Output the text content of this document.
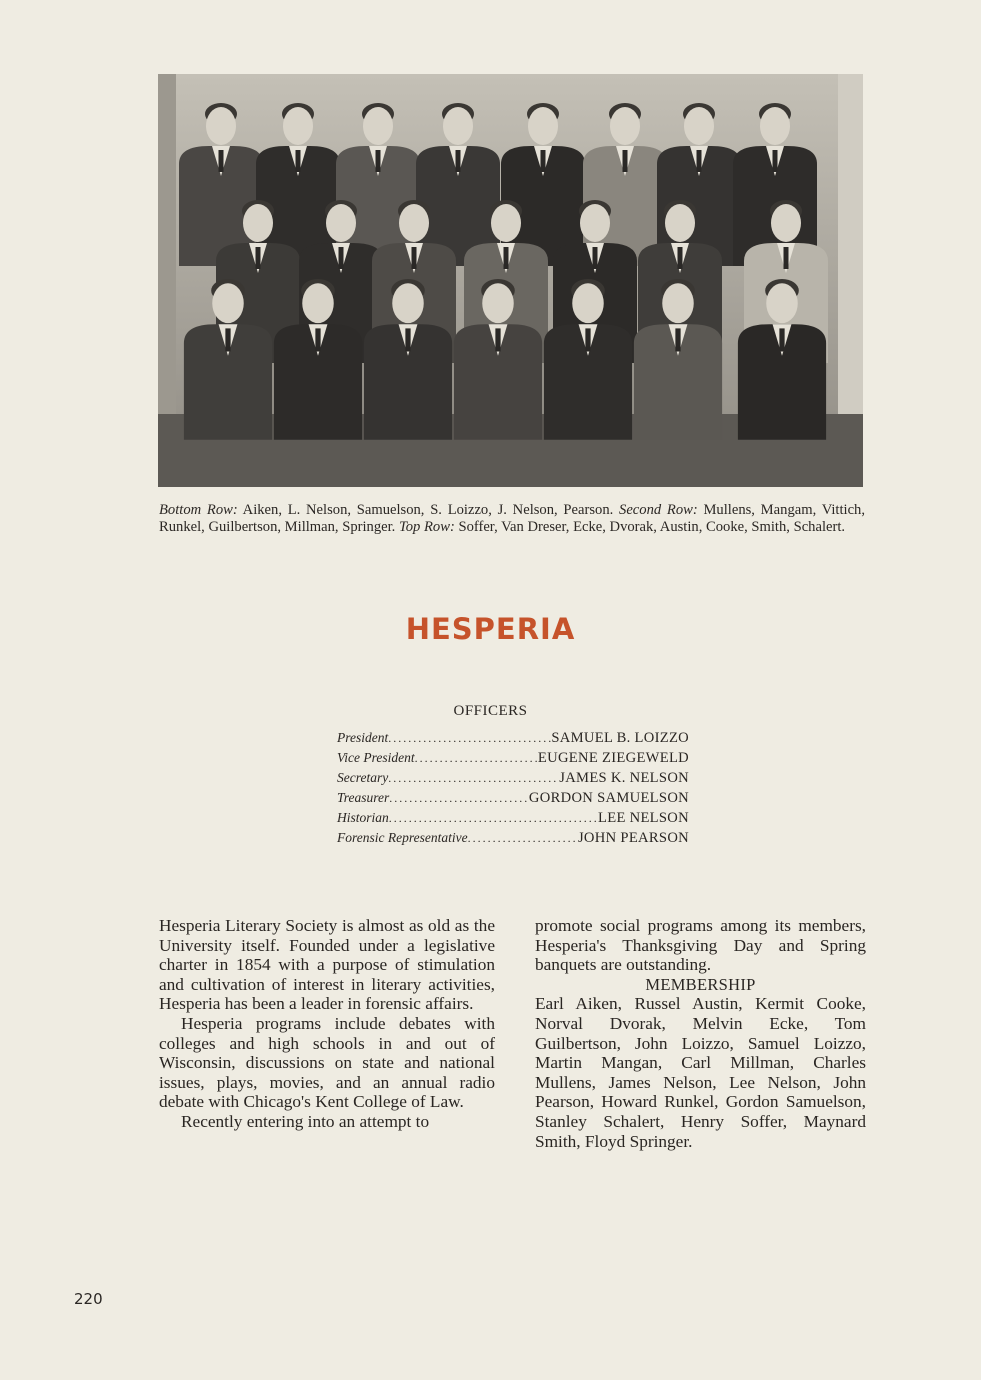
Bottom Row: Aiken, L. Nelson, Samuelson, S. Loizzo, J. Nelson, Pearson. Second Row: Mullens, Mangam, Vittich, Runkel, Guilbertson, Millman, Springer. Top Row: Soffer, Van Dreser, Ecke, Dvorak, Austin, Cooke, Smith, Schalert.
HESPERIA
OFFICERS
President .....	SAMUEL B. LOIZZO
Vice President .....	EUGENE ZIEGEWELD
Secretary .....	JAMES K. NELSON
Treasurer .....	GORDON SAMUELSON
Historian .....	LEE NELSON
Forensic Representative .....	JOHN PEARSON

Hesperia Literary Society is almost as old as the University itself. Founded under a legislative charter in 1854 with a purpose of stimulation and cultivation of interest in literary activities, Hesperia has been a leader in forensic affairs.

Hesperia programs include debates with colleges and high schools in and out of Wisconsin, discussions on state and national issues, plays, movies, and an annual radio debate with Chicago's Kent College of Law.

Recently entering into an attempt to

promote social programs among its members, Hesperia's Thanksgiving Day and Spring banquets are outstanding.

MEMBERSHIP

Earl Aiken, Russel Austin, Kermit Cooke, Norval Dvorak, Melvin Ecke, Tom Guilbertson, John Loizzo, Samuel Loizzo, Martin Mangan, Carl Millman, Charles Mullens, James Nelson, Lee Nelson, John Pearson, Howard Runkel, Gordon Samuelson, Stanley Schalert, Henry Soffer, Maynard Smith, Floyd Springer.

220
